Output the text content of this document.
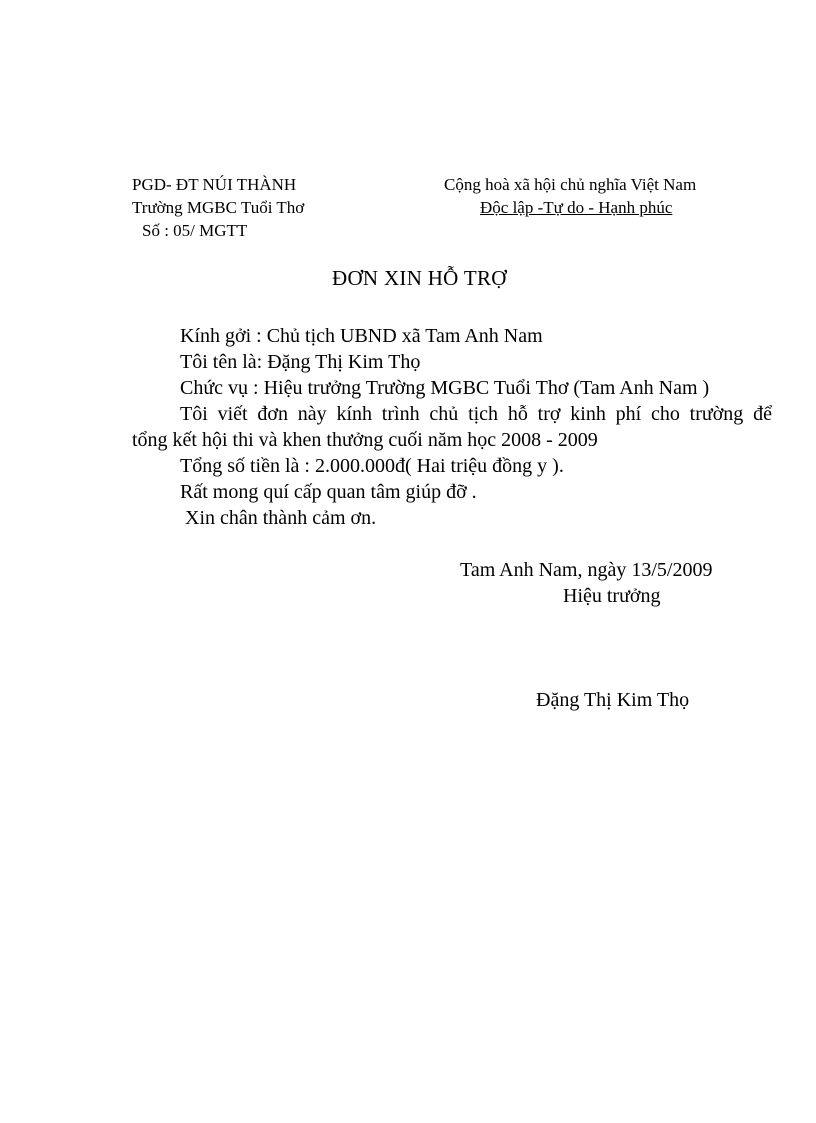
PGD- ĐT NÚI THÀNH
Trường MGBC Tuổi Thơ
Số : 05/ MGTT
Cộng hoà xã hội chủ nghĩa Việt Nam
Độc lập -Tự do - Hạnh phúc
ĐƠN XIN HỖ TRỢ
Kính gởi : Chủ tịch UBND xã Tam Anh Nam
Tôi tên là: Đặng Thị Kim Thọ
Chức vụ : Hiệu trưởng Trường MGBC Tuổi Thơ (Tam Anh Nam )
Tôi viết đơn này kính trình chủ tịch hỗ trợ kinh phí cho trường để
tổng kết hội thi và khen thưởng cuối năm học 2008 - 2009
Tổng số tiền là : 2.000.000đ( Hai triệu đồng y ).
Rất mong quí cấp quan tâm giúp đỡ .
Xin chân thành cảm ơn.
Tam Anh Nam, ngày 13/5/2009
Hiệu trưởng
Đặng Thị Kim Thọ
